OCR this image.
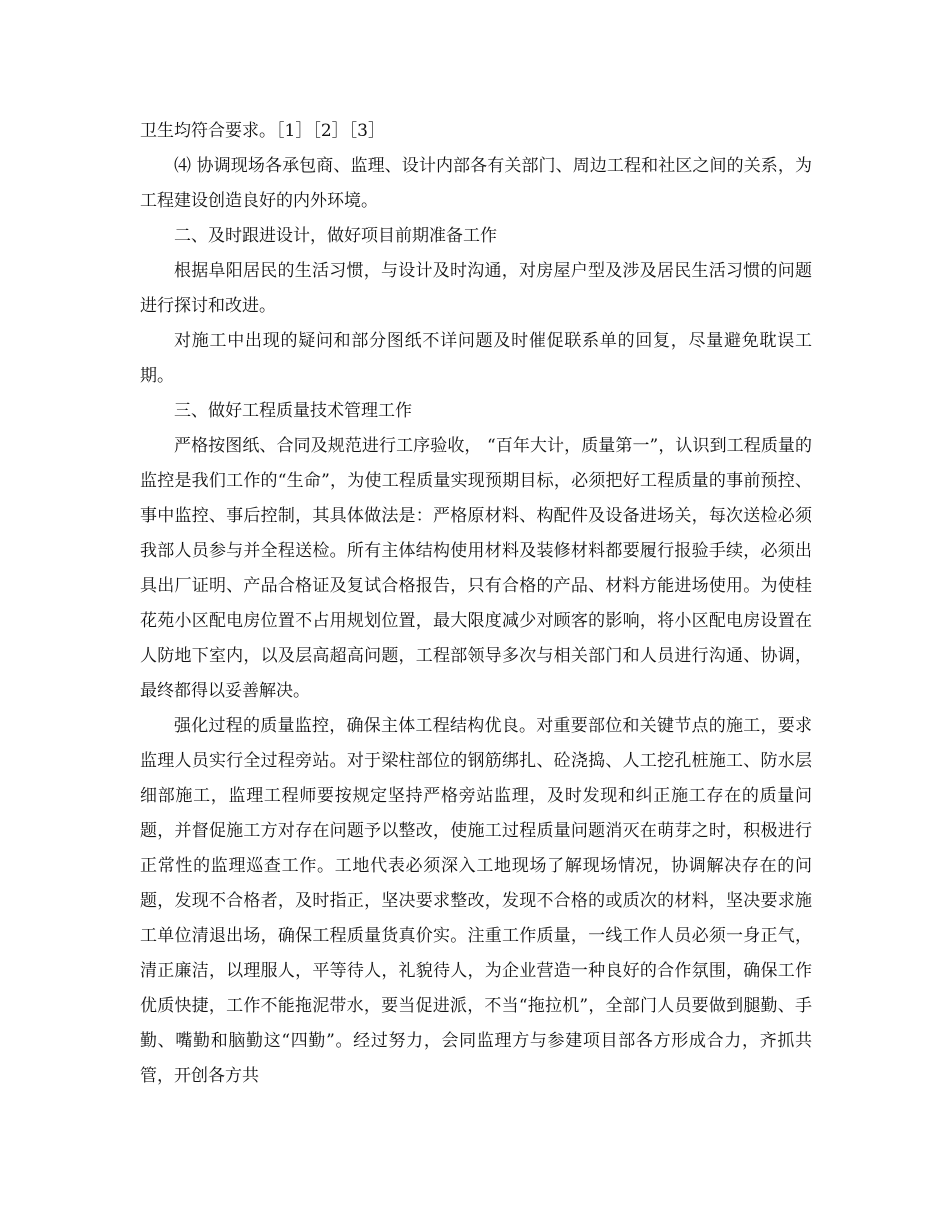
卫生均符合要求。［1］［2］［3］

⑷ 协调现场各承包商、监理、设计内部各有关部门、周边工程和社区之间的关系，为工程建设创造良好的内外环境。

二、及时跟进设计，做好项目前期准备工作

根据阜阳居民的生活习惯，与设计及时沟通，对房屋户型及涉及居民生活习惯的问题进行探讨和改进。

对施工中出现的疑问和部分图纸不详问题及时催促联系单的回复，尽量避免耽误工期。

三、做好工程质量技术管理工作

严格按图纸、合同及规范进行工序验收， “百年大计，质量第一”，认识到工程质量的监控是我们工作的“生命”，为使工程质量实现预期目标，必须把好工程质量的事前预控、事中监控、事后控制，其具体做法是：严格原材料、构配件及设备进场关，每次送检必须我部人员参与并全程送检。所有主体结构使用材料及装修材料都要履行报验手续，必须出具出厂证明、产品合格证及复试合格报告，只有合格的产品、材料方能进场使用。为使桂花苑小区配电房位置不占用规划位置，最大限度减少对顾客的影响，将小区配电房设置在人防地下室内，以及层高超高问题，工程部领导多次与相关部门和人员进行沟通、协调，最终都得以妥善解决。

强化过程的质量监控，确保主体工程结构优良。对重要部位和关键节点的施工，要求监理人员实行全过程旁站。对于梁柱部位的钢筋绑扎、砼浇捣、人工挖孔桩施工、防水层细部施工，监理工程师要按规定坚持严格旁站监理，及时发现和纠正施工存在的质量问题，并督促施工方对存在问题予以整改，使施工过程质量问题消灭在萌芽之时，积极进行正常性的监理巡查工作。工地代表必须深入工地现场了解现场情况，协调解决存在的问题，发现不合格者，及时指正，坚决要求整改，发现不合格的或质次的材料，坚决要求施工单位清退出场，确保工程质量货真价实。注重工作质量，一线工作人员必须一身正气，清正廉洁，以理服人，平等待人，礼貌待人，为企业营造一种良好的合作氛围，确保工作优质快捷，工作不能拖泥带水，要当促进派，不当“拖拉机”，全部门人员要做到腿勤、手勤、嘴勤和脑勤这“四勤”。经过努力，会同监理方与参建项目部各方形成合力，齐抓共管，开创各方共
